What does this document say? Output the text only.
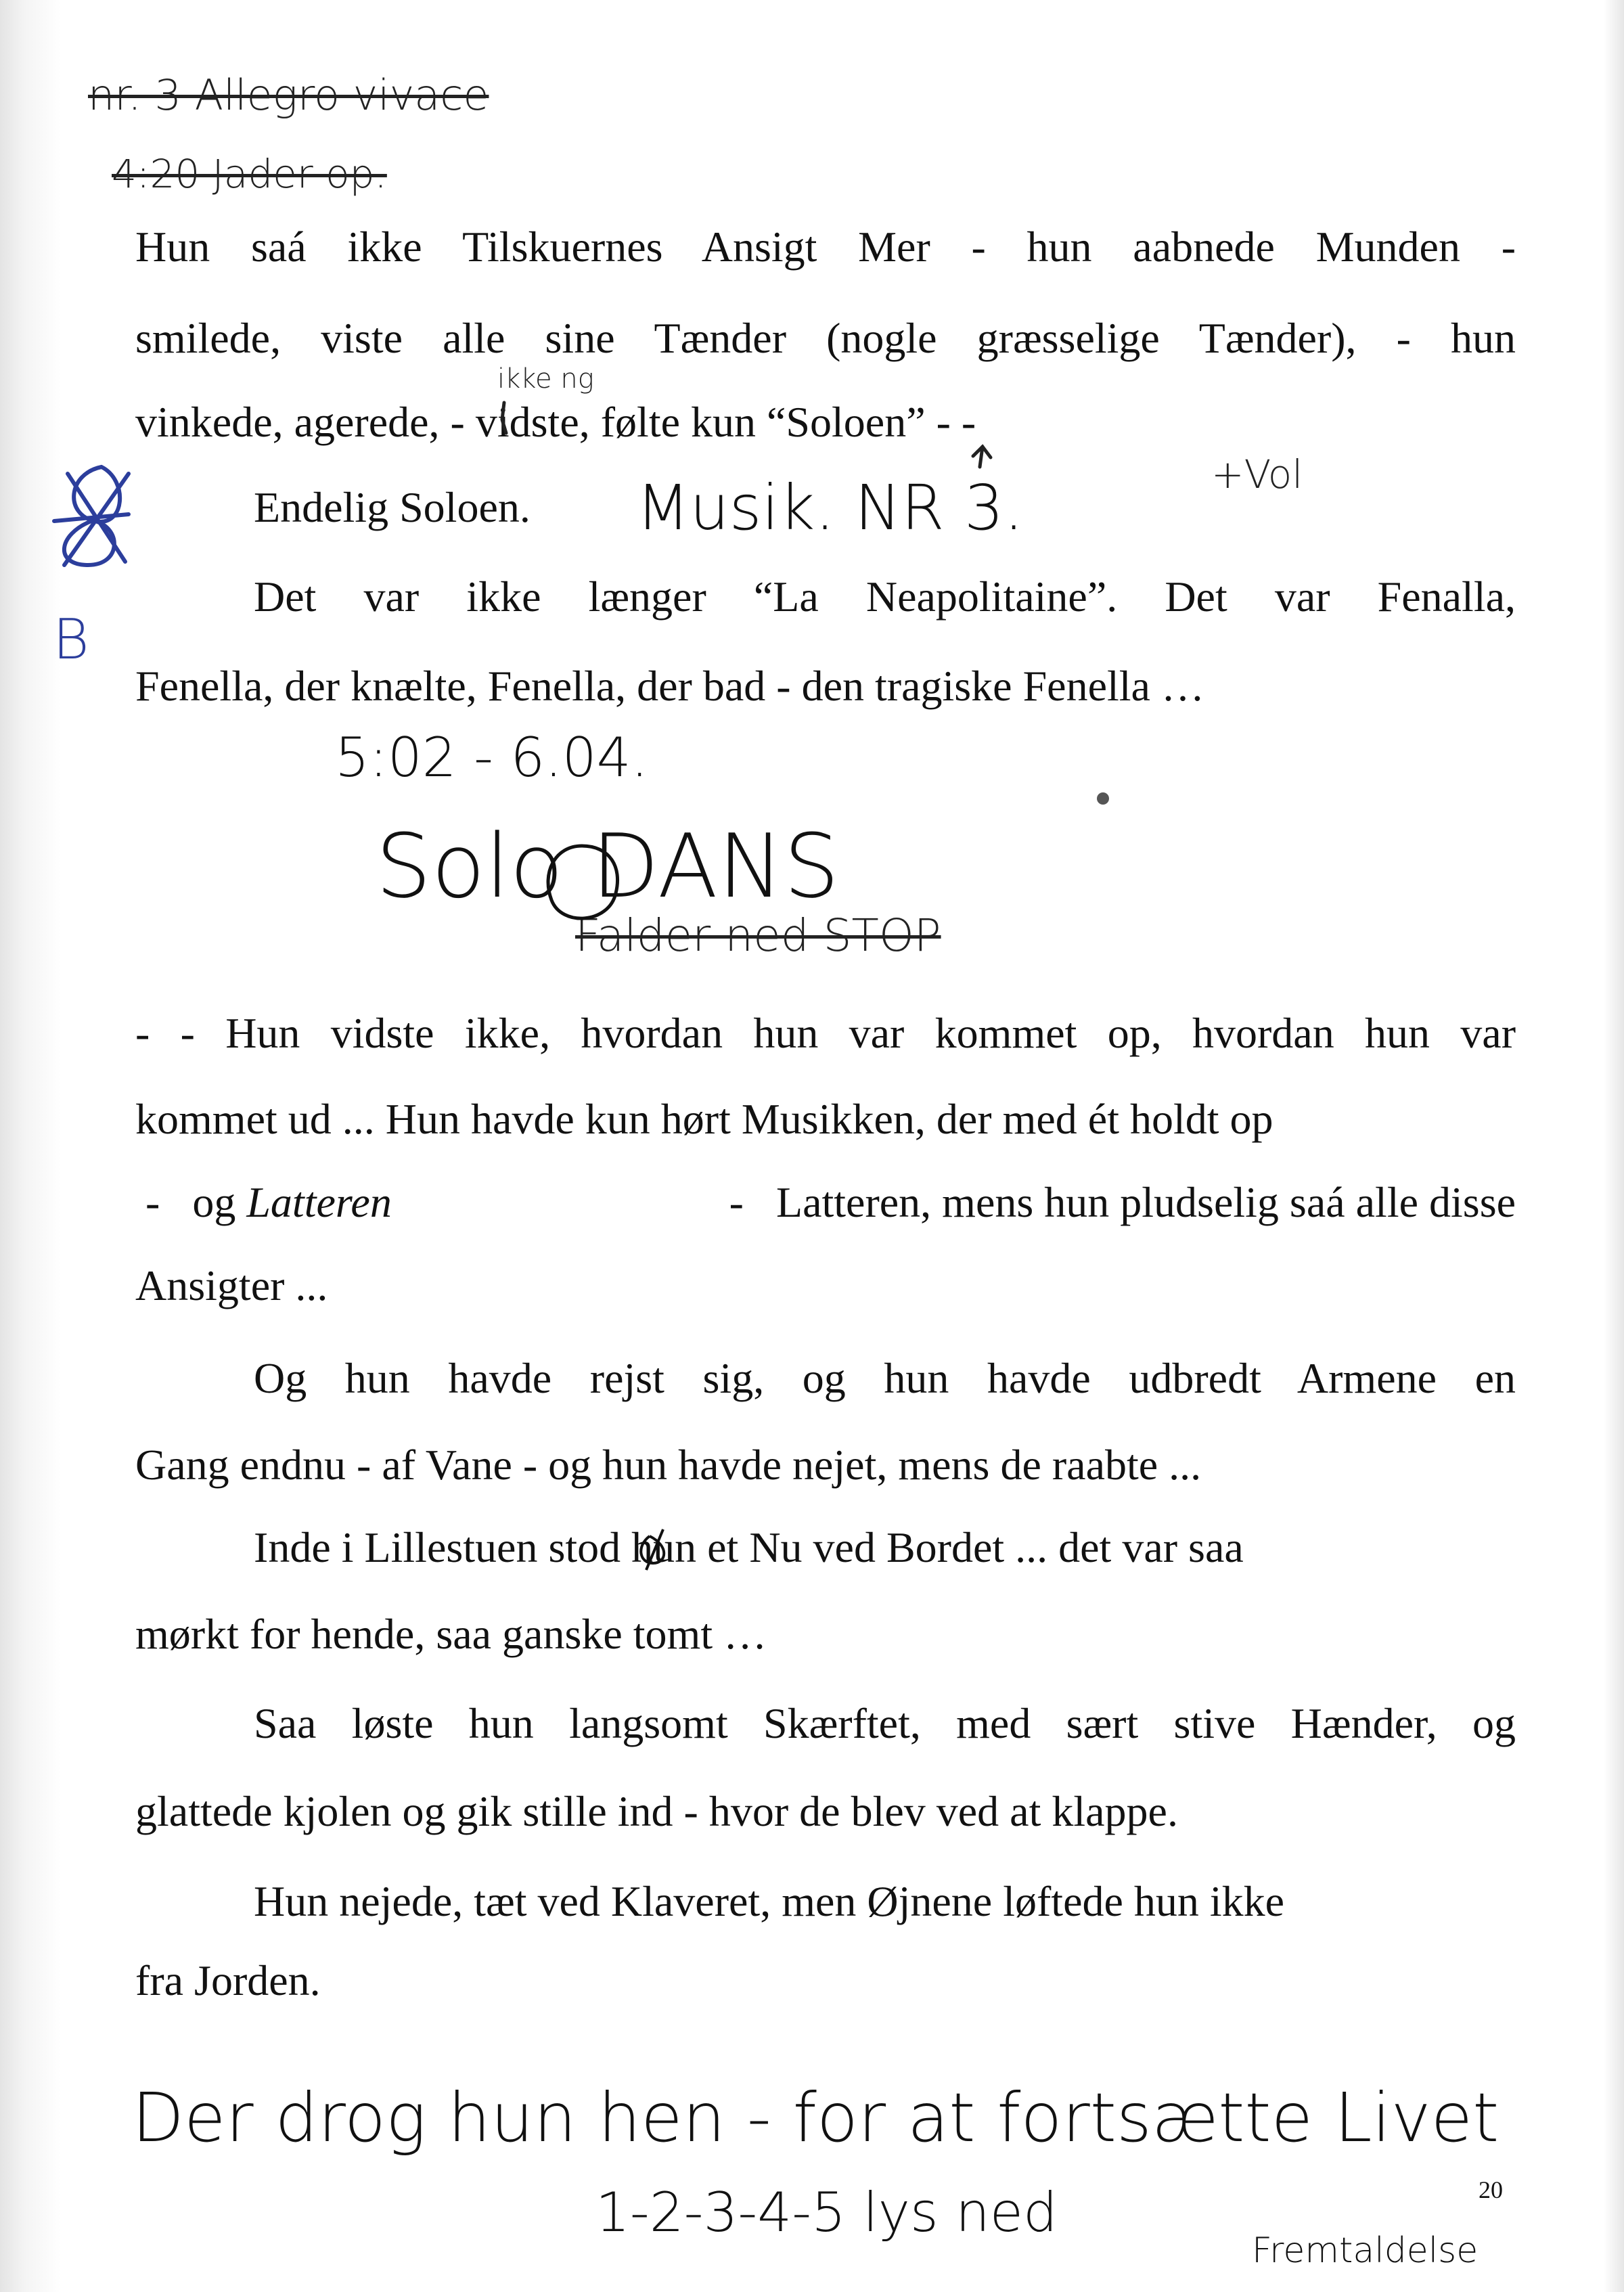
nr. 3 Allegro vivace
4:20 Jader op.
Hun saá ikke Tilskuernes Ansigt Mer - hun aabnede Munden -
smilede, viste alle sine Tænder (nogle græsselige Tænder), - hun
ikke ng
vinkede, agerede, - vidste, følte kun “Soloen” - -
Endelig Soloen. Musik. NR 3.	+Vol
B
Det var ikke længer “La Neapolitaine”. Det var Fenalla,
Fenella, der knælte, Fenella, der bad - den tragiske Fenella …
5:02 - 6.04.
Solo DANS
Falder ned STOP
- - Hun vidste ikke, hvordan hun var kommet op, hvordan hun var
kommet ud ... Hun havde kun hørt Musikken, der med ét holdt op
-   og Latteren	-   Latteren, mens hun pludselig saá alle disse
Ansigter ...
Og hun havde rejst sig, og hun havde udbredt Armene en
Gang endnu - af Vane - og hun havde nejet, mens de raabte ...
Inde i Lillestuen stod hun et Nu ved Bordet ... det var saa
mørkt for hende, saa ganske tomt …
Saa løste hun langsomt Skærftet, med sært stive Hænder, og
glattede kjolen og gik stille ind - hvor de blev ved at klappe.
Hun nejede, tæt ved Klaveret, men Øjnene løftede hun ikke
fra Jorden.
Der drog hun hen - for at fortsætte Livet
1-2-3-4-5 lys ned
Fremtaldelse
20
